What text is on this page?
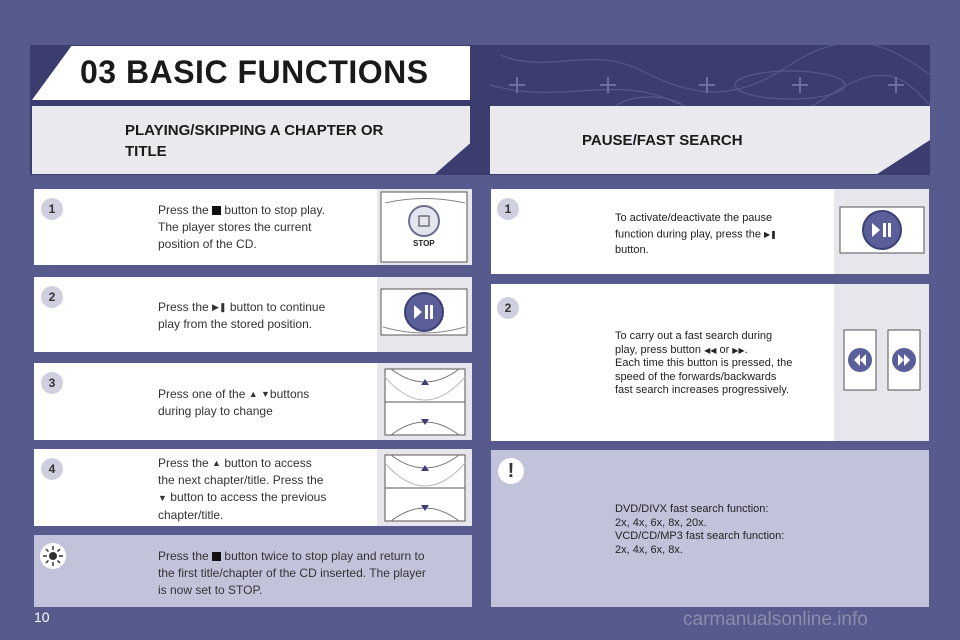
03 BASIC FUNCTIONS
PLAYING/SKIPPING A CHAPTER OR
TITLE
PAUSE/FAST SEARCH
STOP
1	Press the button to stop play.
The player stores the current
position of the CD.
2
Press the ▶❚ button to continue
play from the stored position.
3
Press one of the ▲ ▼buttons
during play to change
4	Press the ▲ button to access
the next chapter/title. Press the
▼ button to access the previous
chapter/title.
Press the button twice to stop play and return to
the first title/chapter of the CD inserted. The player
is now set to STOP.
1
To activate/deactivate the pause
function during play, press the ▶❚
button.
2
To carry out a fast search during
play, press button ◀◀ or ▶▶.
Each time this button is pressed, the
speed of the forwards/backwards
fast search increases progressively.
!
DVD/DIVX fast search function:
2x, 4x, 6x, 8x, 20x.
VCD/CD/MP3 fast search function:
2x, 4x, 6x, 8x.
10	carmanualsonline.info
